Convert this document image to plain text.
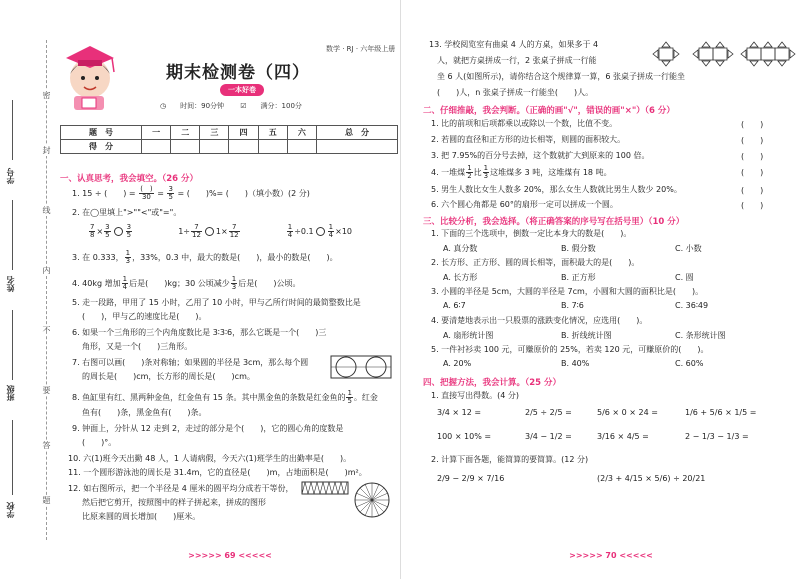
密
封
线
内
不
要
答
题
学号
姓名
班级
学校
数学 · RJ · 六年级上册
期末检测卷（四）
一本好卷
◷ 时间：90分钟 ☑ 满分：100分
题　号	一	二	三	四	五	六	总　分
得　分							
一、认真思考，我会填空。（26 分）
1. 15 ÷ (　　) = $\frac{( )}{30} = \frac{3}{5}$ = (　　)%= (　　)（填小数）(2 分)
2. 在◯里填上">""<"或"="。
$\frac{7}{8} \times \frac{3}{5} \frac{3}{5}$	$1\div \frac{7}{12} 1\times \frac{7}{12}$
	$\frac{1}{4} \div 0.1 \frac{1}{4} \times 10$
3. 在 0.333， $\frac{1}{3}$ ，33%，0.3 中，最大的数是(　　)，最小的数是(　　)。
4. 40kg 增加 $\frac{1}{4}$ 后是(　　)kg；30 公顷减少 $\frac{1}{3}$ 后是(　　)公顷。
5. 走一段路，甲用了 15 小时，乙用了 10 小时，甲与乙所行时间的最简整数比是
(　　)，甲与乙的速度比是(　　)。
6. 如果一个三角形的三个内角度数比是 3∶3∶6，那么它既是一个(　　)三
角形，又是一个(　　)三角形。
7. 右图可以画(　　)条对称轴；如果圆的半径是 3cm，那么每个圆
的周长是(　　)cm，长方形的周长是(　　)cm。
8. 鱼缸里有红、黑两种金鱼，红金鱼有 15 条。其中黑金鱼的条数是红金鱼的 $\frac{1}{5}$ 。红金
鱼有(　　)条，黑金鱼有(　　)条。
9. 钟面上，分针从 12 走到 2，走过的部分是个(　　)，它的圆心角的度数是
(　　)°。
10. 六(1)班今天出勤 48 人，1 人请病假，今天六(1)班学生的出勤率是(　　)。
11. 一个圆形游泳池的周长是 31.4m，它的直径是(　　)m，占地面积是(　　)m²。
12. 如右图所示，把一个半径是 4 厘米的圆平均分成若干等份，
然后把它剪开，按照图中的样子拼起来，拼成的图形
比原来圆的周长增加(　　)厘米。
>>>>> 69 <<<<<
13. 学校阅览室有曲桌 4 人的方桌，如果多于 4
人，就把方桌拼成一行，2 张桌子拼成一行能
坐 6 人(如图所示)，请你结合这个规律算一算，6 张桌子拼成一行能坐
(　　)人，n 张桌子拼成一行能坐(　　)人。
二、仔细推敲，我会判断。（正确的画"√"，错误的画"×"）（6 分）
1. 比的前项和后项都乘以或除以一个数，比值不变。	(　　)
2. 若圆的直径和正方形的边长相等，则圆的面积较大。	(　　)
3. 把 7.95%的百分号去掉，这个数就扩大到原来的 100 倍。	(　　)
4. 一堆煤 $\frac{1}{2}$ 比 $\frac{1}{3}$ 这堆煤多 3 吨，这堆煤有 18 吨。	(　　)
5. 男生人数比女生人数多 20%，那么女生人数就比男生人数少 20%。	(　　)
6. 六个圆心角都是 60°的扇形一定可以拼成一个圆。	(　　)
三、比较分析，我会选择。（将正确答案的序号写在括号里）（10 分）
1. 下面的三个选项中，倒数一定比本身大的数是(　　)。
A. 真分数	B. 假分数	C. 小数
2. 长方形、正方形、圆的周长相等，面积最大的是(　　)。
A. 长方形	B. 正方形	C. 圆
3. 小圆的半径是 5cm，大圆的半径是 7cm，小圆和大圆的面积比是(　　)。
A. 6∶7	B. 7∶6	C. 36∶49
4. 要清楚地表示出一只股票的涨跌变化情况，应选用(　　)。
A. 扇形统计图	B. 折线统计图	C. 条形统计图
5. 一件衬衫卖 100 元，可赚原价的 25%，若卖 120 元，可赚原价的(　　)。
A. 20%	B. 40%	C. 60%
四、把握方法，我会计算。（25 分）
1. 直接写出得数。(4 分)
3/4 × 12 =	2/5 ÷ 2/5 =	5/6 × 0 × 24 =	1/6 + 5/6 × 1/5 =
100 × 10% =	3/4 − 1/2 =	3/16 × 4/5 =	2 − 1/3 − 1/3 =
2. 计算下面各题，能简算的要简算。(12 分)
2/9 − 2/9 × 7/16	(2/3 + 4/15 × 5/6) ÷ 20/21
>>>>> 70 <<<<<
